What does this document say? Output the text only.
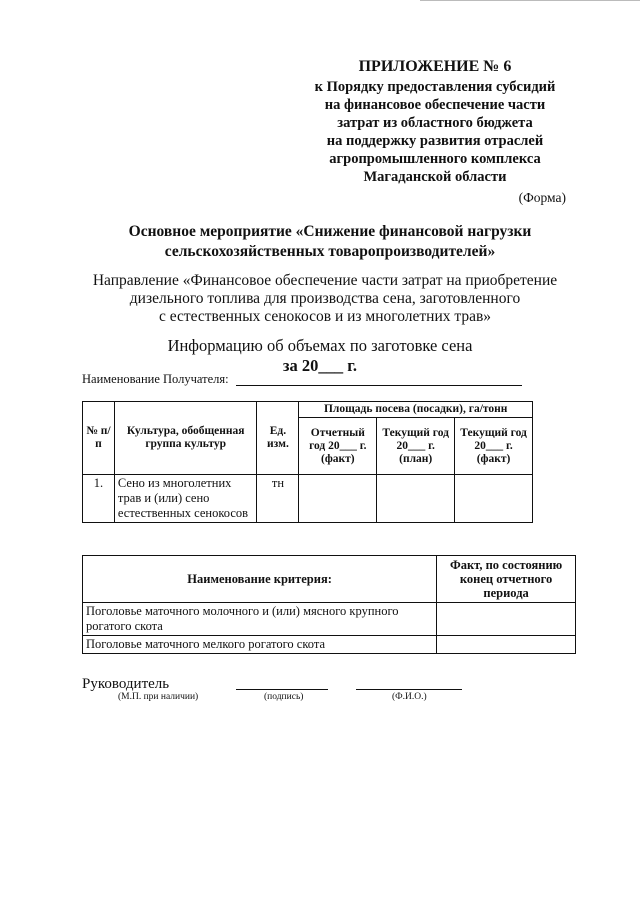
ПРИЛОЖЕНИЕ № 6
к Порядку предоставления субсидий
на финансовое обеспечение части
затрат из областного бюджета
на поддержку развития отраслей
агропромышленного комплекса
Магаданской области
(Форма)
Основное мероприятие «Снижение финансовой нагрузки
сельскохозяйственных товаропроизводителей»
Направление «Финансовое обеспечение части затрат на приобретение
дизельного топлива для производства сена, заготовленного
с естественных сенокосов и из многолетних трав»
Информацию об объемах по заготовке сена
за 20___ г.
Наименование Получателя:
№ п/п	Культура, обобщенная группа культур	Ед. изм.	Площадь посева (посадки), га/тонн		
			Отчетный год 20___ г. (факт)	Текущий год 20___ г. (план)	Текущий год 20___ г. (факт)
1.	Сено из многолетних трав и (или) сено естественных сенокосов	тн			
Наименование критерия:	Факт, по состоянию конец отчетного периода
Поголовье маточного молочного и (или) мясного крупного рогатого скота	
Поголовье маточного мелкого рогатого скота	
Руководитель
(М.П. при наличии)	(подпись)	(Ф.И.О.)
